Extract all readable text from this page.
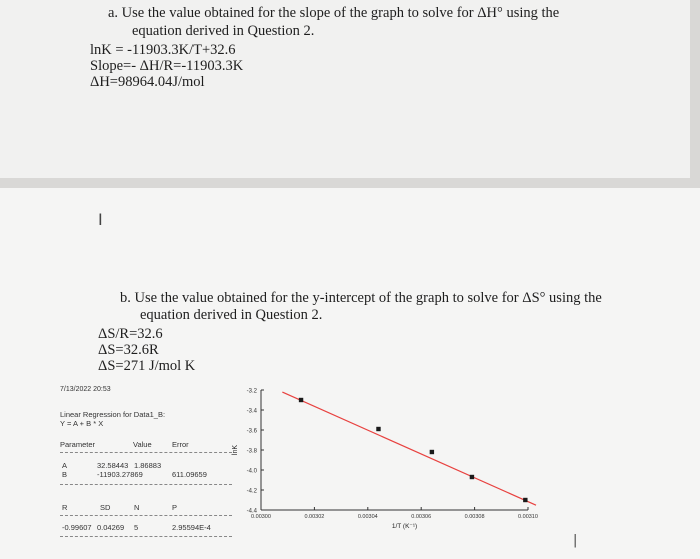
a. Use the value obtained for the slope of the graph to solve for ΔH° using the
equation derived in Question 2.
lnK = -11903.3K/T+32.6
Slope=- ΔH/R=-11903.3K
ΔH=98964.04J/mol
I
b. Use the value obtained for the y-intercept of the graph to solve for ΔS° using the
equation derived in Question 2.
ΔS/R=32.6
ΔS=32.6R
ΔS=271 J/mol K
7/13/2022 20:53
Linear Regression for Data1_B:
Y = A + B * X
Parameter	Value	Error
A	32.58443 1.86883
B	-11903.27869	611.09659
R	SD	N	P
-0.99607 0.04269 5	2.95594E-4
-3.2
-3.4
-3.6
-3.8
-4.0
-4.2
-4.4
0.00300	0.00302	0.00304	0.00306	0.00308	0.00310
lnK
1/T (K⁻¹)
|
